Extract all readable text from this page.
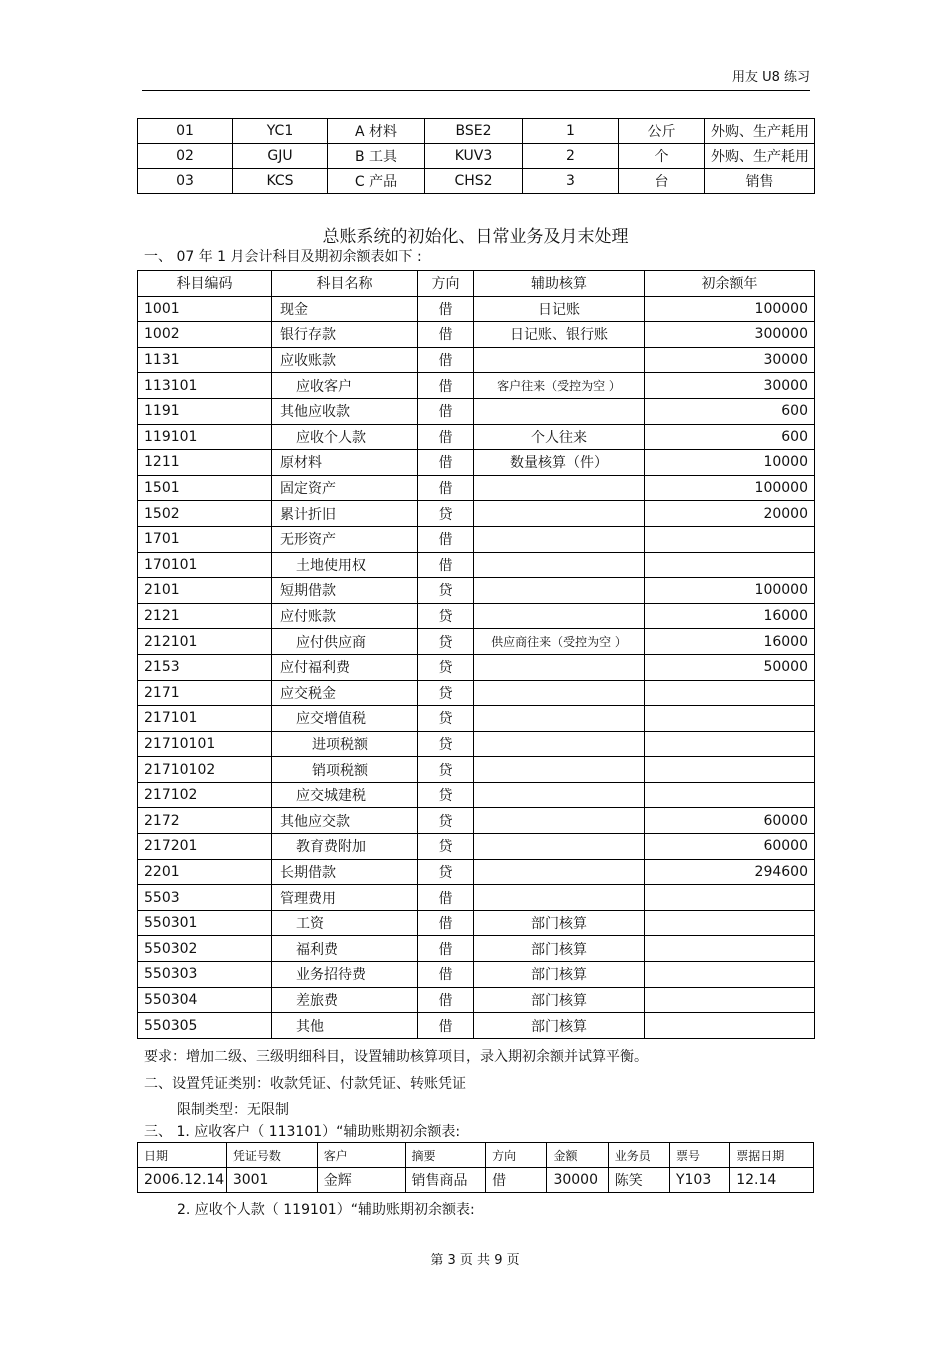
用友 U8 练习
01	YC1	A 材料	BSE2	1	公斤	外购、生产耗用
02	GJU	B 工具	KUV3	2	个	外购、生产耗用
03	KCS	C 产品	CHS2	3	台	销售
总账系统的初始化、日常业务及月末处理
一、 07 年 1 月会计科目及期初余额表如下 :
科目编码	科目名称	方向	辅助核算	初余额年
1001	现金	借	日记账	100000
1002	银行存款	借	日记账、银行账	300000
1131	应收账款	借		30000
113101	应收客户	借	客户往来（受控为空 ）	30000
1191	其他应收款	借		600
119101	应收个人款	借	个人往来	600
1211	原材料	借	数量核算（件）	10000
1501	固定资产	借		100000
1502	累计折旧	贷		20000
1701	无形资产	借		
170101	土地使用权	借		
2101	短期借款	贷		100000
2121	应付账款	贷		16000
212101	应付供应商	贷	供应商往来（受控为空 ）	16000
2153	应付福利费	贷		50000
2171	应交税金	贷		
217101	应交增值税	贷		
21710101	进项税额	贷		
21710102	销项税额	贷		
217102	应交城建税	贷		
2172	其他应交款	贷		60000
217201	教育费附加	贷		60000
2201	长期借款	贷		294600
5503	管理费用	借		
550301	工资	借	部门核算	
550302	福利费	借	部门核算	
550303	业务招待费	借	部门核算	
550304	差旅费	借	部门核算	
550305	其他	借	部门核算	
要求：增加二级、三级明细科目，设置辅助核算项目，录入期初余额并试算平衡。
二、设置凭证类别：收款凭证、付款凭证、转账凭证
限制类型：无限制
三、 1. 应收客户（ 113101）“辅助账期初余额表:
日期	凭证号数	客户	摘要	方向	金额	业务员	票号	票据日期
2006.12.14	3001	金辉	销售商品	借	30000	陈笑	Y103	12.14
2. 应收个人款（ 119101）“辅助账期初余额表:
第 3 页 共 9 页
